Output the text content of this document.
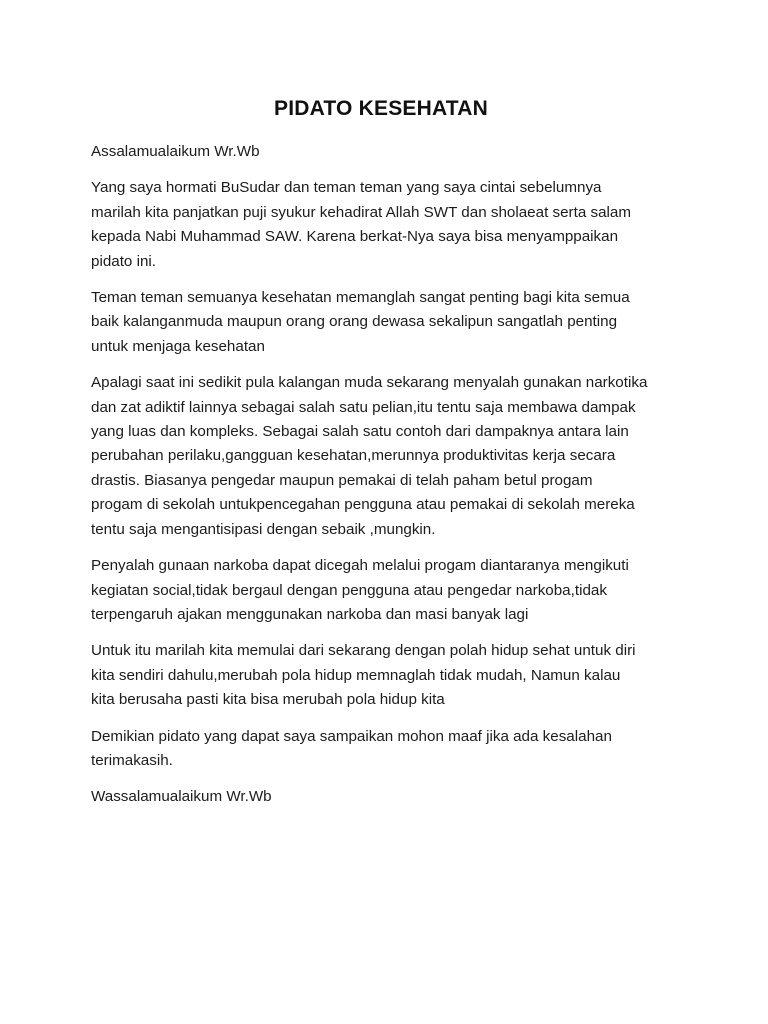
PIDATO KESEHATAN

Assalamualaikum Wr.Wb

Yang saya hormati BuSudar dan teman teman yang saya cintai sebelumnya
marilah kita panjatkan puji syukur kehadirat Allah SWT dan sholaeat serta salam
kepada Nabi Muhammad SAW. Karena berkat-Nya saya bisa menyamppaikan
pidato ini.

Teman teman semuanya kesehatan memanglah sangat penting bagi kita semua
baik kalanganmuda maupun orang orang dewasa sekalipun sangatlah penting
untuk menjaga kesehatan

Apalagi saat ini sedikit pula kalangan muda sekarang menyalah gunakan narkotika
dan zat adiktif lainnya sebagai salah satu pelian,itu tentu saja membawa dampak
yang luas dan kompleks. Sebagai salah satu contoh dari dampaknya antara lain
perubahan perilaku,gangguan kesehatan,merunnya produktivitas kerja secara
drastis. Biasanya pengedar maupun pemakai di telah paham betul progam
progam di sekolah untukpencegahan pengguna atau pemakai di sekolah mereka
tentu saja mengantisipasi dengan sebaik ,mungkin.

Penyalah gunaan narkoba dapat dicegah melalui progam diantaranya mengikuti
kegiatan social,tidak bergaul dengan pengguna atau pengedar narkoba,tidak
terpengaruh ajakan menggunakan narkoba dan masi banyak lagi

Untuk itu marilah kita memulai dari sekarang dengan polah hidup sehat untuk diri
kita sendiri dahulu,merubah pola hidup memnaglah tidak mudah, Namun kalau
kita berusaha pasti kita bisa merubah pola hidup kita

Demikian pidato yang dapat saya sampaikan mohon maaf jika ada kesalahan
terimakasih.

Wassalamualaikum Wr.Wb
